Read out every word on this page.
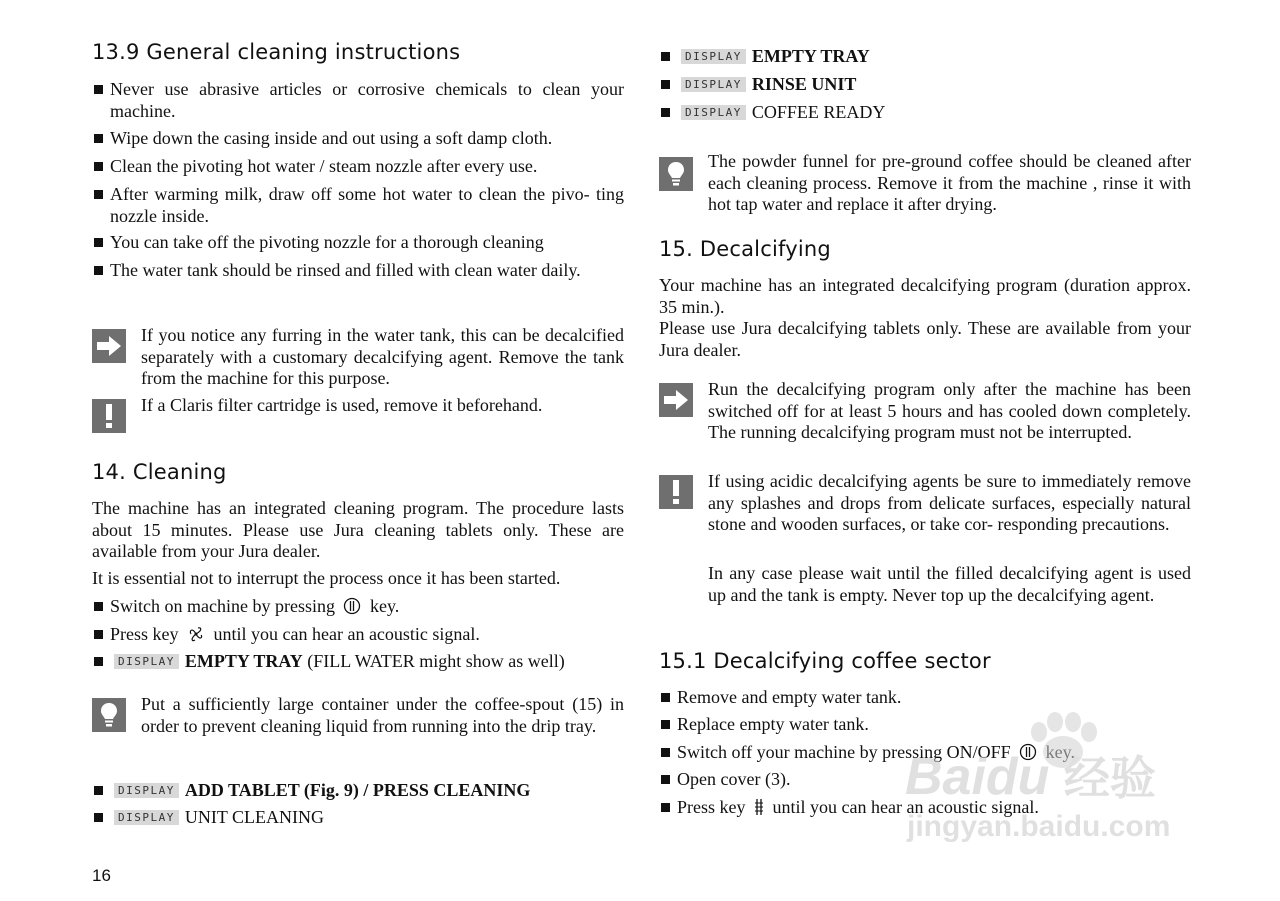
13.9 General cleaning instructions
Never use abrasive articles or corrosive chemicals to clean your machine.
Wipe down the casing inside and out using a soft damp cloth.
Clean the pivoting hot water / steam nozzle after every use.
After warming milk, draw off some hot water to clean the pivo- ting nozzle inside.
You can take off the pivoting nozzle for a thorough cleaning
The water tank should be rinsed and filled with clean water daily.
If you notice any furring in the water tank, this can be decalcified separately with a customary decalcifying agent. Remove the tank from the machine for this purpose.
If a Claris filter cartridge is used, remove it beforehand.
14. Cleaning
The machine has an integrated cleaning program. The procedure lasts about 15 minutes. Please use Jura cleaning tablets only. These are available from your Jura dealer.
It is essential not to interrupt the process once it has been started.
Switch on machine by pressing key.
Press key until you can hear an acoustic signal.
DISPLAY EMPTY TRAY (FILL WATER might show as well)
Put a sufficiently large container under the coffee-spout (15) in order to prevent cleaning liquid from running into the drip tray.
DISPLAY ADD TABLET (Fig. 9) / PRESS CLEANING
DISPLAY UNIT CLEANING
DISPLAY EMPTY TRAY
DISPLAY RINSE UNIT
DISPLAY COFFEE READY
The powder funnel for pre-ground coffee should be cleaned after each cleaning process. Remove it from the machine , rinse it with hot tap water and replace it after drying.
15. Decalcifying
Your machine has an integrated decalcifying program (duration approx. 35 min.).
Please use Jura decalcifying tablets only. These are available from your Jura dealer.
Run the decalcifying program only after the machine has been switched off for at least 5 hours and has cooled down completely. The running decalcifying program must not be interrupted.
If using acidic decalcifying agents be sure to immediately remove any splashes and drops from delicate surfaces, especially natural stone and wooden surfaces, or take cor- responding precautions.
In any case please wait until the filled decalcifying agent is used up and the tank is empty. Never top up the decalcifying agent.
15.1 Decalcifying coffee sector
Remove and empty water tank.
Replace empty water tank.
Switch off your machine by pressing ON/OFF
Open cover (3).
Press key until you can hear an acoustic signal.
Baidu 经验
jingyan.baidu.com
16
